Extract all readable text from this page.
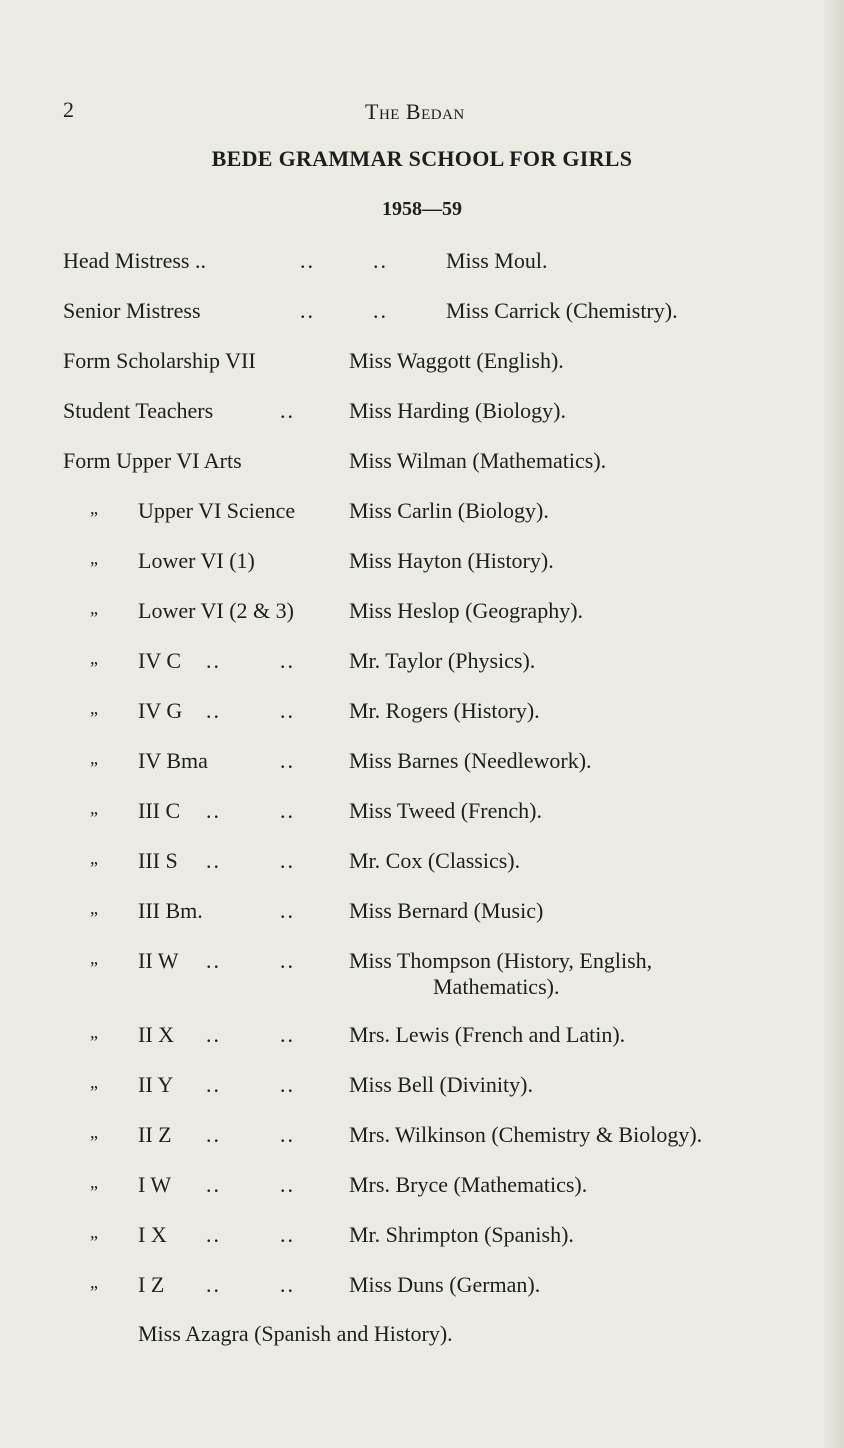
2	The Bedan
BEDE GRAMMAR SCHOOL FOR GIRLS
1958—59
Head Mistress ..	..	..	Miss Moul.
Senior Mistress	..	..	Miss Carrick (Chemistry).
Form Scholarship VII	Miss Waggott (English).
Student Teachers	.. Miss Harding (Biology).
Form Upper VI Arts	Miss Wilman (Mathematics).
„ Upper VI Science Miss Carlin (Biology).
„ Lower VI (1)	Miss Hayton (History).
„ Lower VI (2 & 3)	Miss Heslop (Geography).
„ IV C ..	.. Mr. Taylor (Physics).
„ IV G ..	.. Mr. Rogers (History).
„ IV Bma	.. Miss Barnes (Needlework).
„ III C ..	.. Miss Tweed (French).
„ III S ..	.. Mr. Cox (Classics).
„ III Bm.	.. Miss Bernard (Music)
„ II W ..	.. Miss Thompson (History, English,
Mathematics).
„ II X ..	.. Mrs. Lewis (French and Latin).
„ II Y ..	.. Miss Bell (Divinity).
„ II Z ..	.. Mrs. Wilkinson (Chemistry & Biology).
„ I W ..	.. Mrs. Bryce (Mathematics).
„ I X ..	.. Mr. Shrimpton (Spanish).
„ I Z ..	.. Miss Duns (German).
Miss Azagra (Spanish and History).
